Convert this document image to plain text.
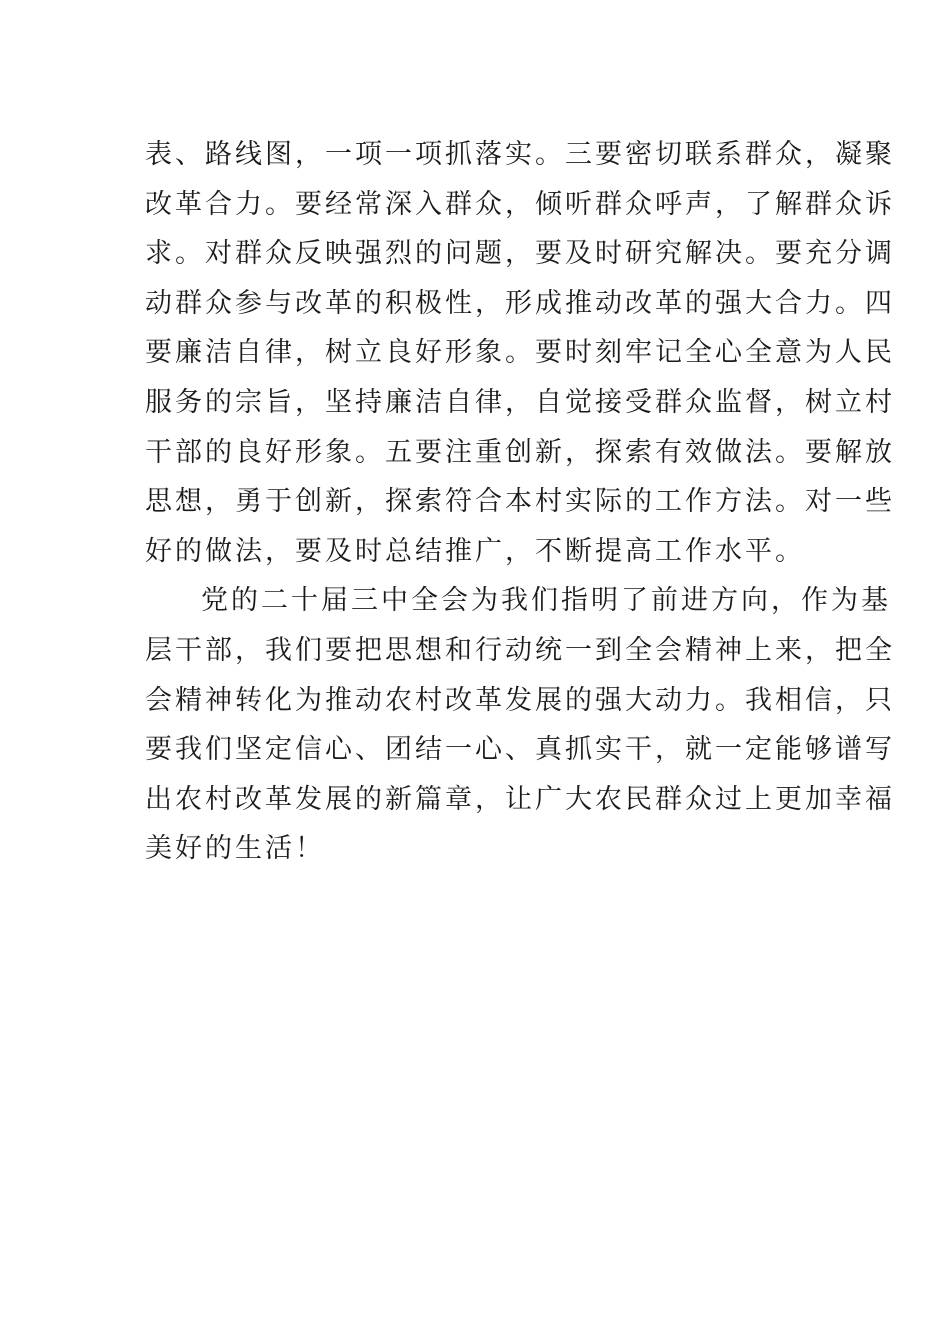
表、路线图，一项一项抓落实。三要密切联系群众，凝聚
改革合力。要经常深入群众，倾听群众呼声，了解群众诉
求。对群众反映强烈的问题，要及时研究解决。要充分调
动群众参与改革的积极性，形成推动改革的强大合力。四
要廉洁自律，树立良好形象。要时刻牢记全心全意为人民
服务的宗旨，坚持廉洁自律，自觉接受群众监督，树立村
干部的良好形象。五要注重创新，探索有效做法。要解放
思想，勇于创新，探索符合本村实际的工作方法。对一些
好的做法，要及时总结推广，不断提高工作水平。
党的二十届三中全会为我们指明了前进方向，作为基
层干部，我们要把思想和行动统一到全会精神上来，把全
会精神转化为推动农村改革发展的强大动力。我相信，只
要我们坚定信心、团结一心、真抓实干，就一定能够谱写
出农村改革发展的新篇章，让广大农民群众过上更加幸福
美好的生活！
